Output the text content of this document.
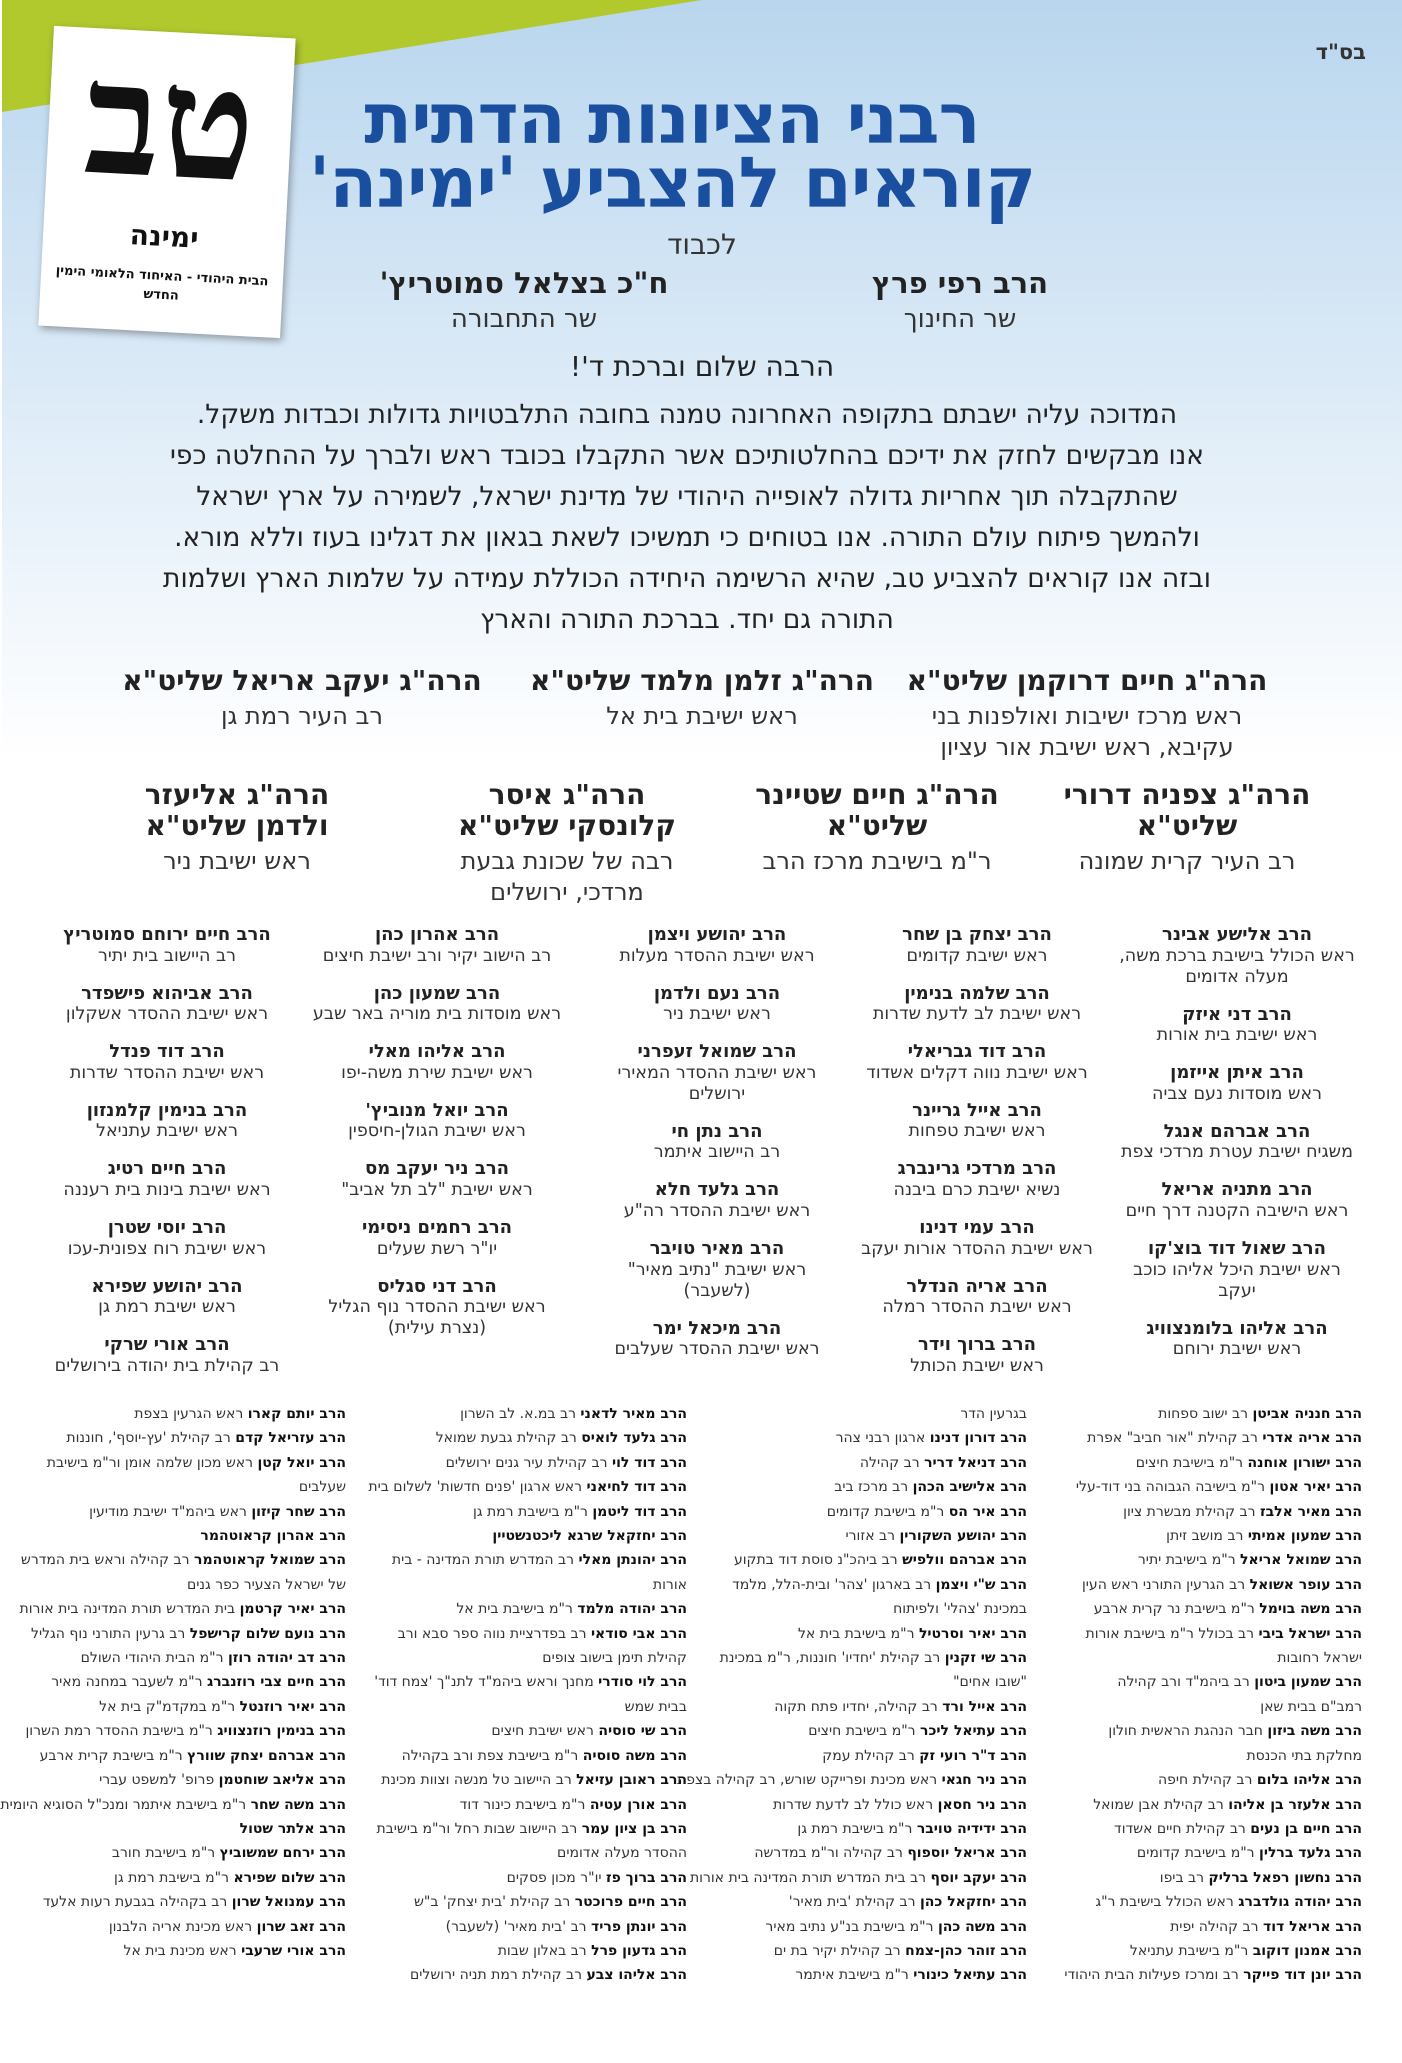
בס"ד
טב
ימינה
הבית היהודי - האיחוד הלאומי הימין החדש
רבני הציונות הדתית
קוראים להצביע 'ימינה'
לכבוד
הרב רפי פרץ
שר החינוך
ח"כ בצלאל סמוטריץ'
שר התחבורה
הרבה שלום וברכת ד'!

המדוכה עליה ישבתם בתקופה האחרונה טמנה בחובה התלבטויות גדולות וכבדות משקל.

אנו מבקשים לחזק את ידיכם בהחלטותיכם אשר התקבלו בכובד ראש ולברך על ההחלטה כפי

שהתקבלה תוך אחריות גדולה לאופייה היהודי של מדינת ישראל, לשמירה על ארץ ישראל

ולהמשך פיתוח עולם התורה. אנו בטוחים כי תמשיכו לשאת בגאון את דגלינו בעוז וללא מורא.

ובזה אנו קוראים להצביע טב, שהיא הרשימה היחידה הכוללת עמידה על שלמות הארץ ושלמות

התורה גם יחד. בברכת התורה והארץ

הרה"ג חיים דרוקמן שליט"א
ראש מרכז ישיבות ואולפנות בני עקיבא, ראש ישיבת אור עציון
הרה"ג זלמן מלמד שליט"א
ראש ישיבת בית אל
הרה"ג יעקב אריאל שליט"א
רב העיר רמת גן
הרה"ג צפניה דרורי שליט"א
רב העיר קרית שמונה
הרה"ג חיים שטיינר שליט"א
ר"מ בישיבת מרכז הרב
הרה"ג איסר קלונסקי שליט"א
רבה של שכונת גבעת מרדכי, ירושלים
הרה"ג אליעזר ולדמן שליט"א
ראש ישיבת ניר
הרב אלישע אבינר
ראש הכולל בישיבת ברכת משה, מעלה אדומים
הרב דני איזק
ראש ישיבת בית אורות
הרב איתן אייזמן
ראש מוסדות נעם צביה
הרב אברהם אנגל
משגיח ישיבת עטרת מרדכי צפת
הרב מתניה אריאל
ראש הישיבה הקטנה דרך חיים
הרב שאול דוד בוצ'קו
ראש ישיבת היכל אליהו כוכב יעקב
הרב אליהו בלומנצוויג
ראש ישיבת ירוחם
הרב יצחק בן שחר
ראש ישיבת קדומים
הרב שלמה בנימין
ראש ישיבת לב לדעת שדרות
הרב דוד גבריאלי
ראש ישיבת נווה דקלים אשדוד
הרב אייל גריינר
ראש ישיבת טפחות
הרב מרדכי גרינברג
נשיא ישיבת כרם ביבנה
הרב עמי דנינו
ראש ישיבת ההסדר אורות יעקב
הרב אריה הנדלר
ראש ישיבת ההסדר רמלה
הרב ברוך וידר
ראש ישיבת הכותל
הרב יהושע ויצמן
ראש ישיבת ההסדר מעלות
הרב נעם ולדמן
ראש ישיבת ניר
הרב שמואל זעפרני
ראש ישיבת ההסדר המאירי ירושלים
הרב נתן חי
רב היישוב איתמר
הרב גלעד חלא
ראש ישיבת ההסדר רה"ע
הרב מאיר טויבר
ראש ישיבת "נתיב מאיר" (לשעבר)
הרב מיכאל ימר
ראש ישיבת ההסדר שעלבים
הרב אהרון כהן
רב הישוב יקיר ורב ישיבת חיצים
הרב שמעון כהן
ראש מוסדות בית מוריה באר שבע
הרב אליהו מאלי
ראש ישיבת שירת משה-יפו
הרב יואל מנוביץ'
ראש ישיבת הגולן-חיספין
הרב ניר יעקב מס
ראש ישיבת "לב תל אביב"
הרב רחמים ניסימי
יו"ר רשת שעלים
הרב דני סגליס
ראש ישיבת ההסדר נוף הגליל (נצרת עילית)
הרב חיים ירוחם סמוטריץ
רב היישוב בית יתיר
הרב אביהוא פישפדר
ראש ישיבת ההסדר אשקלון
הרב דוד פנדל
ראש ישיבת ההסדר שדרות
הרב בנימין קלמנזון
ראש ישיבת עתניאל
הרב חיים רטיג
ראש ישיבת בינות בית רעננה
הרב יוסי שטרן
ראש ישיבת רוח צפונית-עכו
הרב יהושע שפירא
ראש ישיבת רמת גן
הרב אורי שרקי
רב קהילת בית יהודה בירושלים
הרב חנניה אביטן רב ישוב ספחות
הרב אריה אדרי רב קהילת "אור חביב" אפרת
הרב ישורון אוחנה ר"מ בישיבת חיצים
הרב יאיר אטון ר"מ בישיבה הגבוהה בני דוד-עלי
הרב מאיר אלבז רב קהילת מבשרת ציון
הרב שמעון אמיתי רב מושב זיתן
הרב שמואל אריאל ר"מ בישיבת יתיר
הרב עופר אשואל רב הגרעין התורני ראש העין
הרב משה בוימל ר"מ בישיבת נר קרית ארבע
הרב ישראל ביבי רב בכולל ר"מ בישיבת אורות
ישראל רחובות
הרב שמעון ביטון רב ביהמ"ד ורב קהילה
רמב"ם בבית שאן
הרב משה ביזון חבר הנהגת הראשית חולון
מחלקת בתי הכנסת
הרב אליהו בלום רב קהילת חיפה
הרב אלעזר בן אליהו רב קהילת אבן שמואל
הרב חיים בן נעים רב קהילת חיים אשדוד
הרב גלעד ברלין ר"מ בישיבת קדומים
הרב נחשון רפאל ברליק רב ביפו
הרב יהודה גולדברג ראש הכולל בישיבת ר"ג
הרב אריאל דוד רב קהילה יפית
הרב אמנון דוקוב ר"מ בישיבת עתניאל
הרב יונן דוד פייקר רב ומרכז פעילות הבית היהודי
בגרעין הדר
הרב דורון דנינו ארגון רבני צהר
הרב דניאל דריר רב קהילה
הרב אלישיב הכהן רב מרכז ביב
הרב איר הס ר"מ בישיבת קדומים
הרב יהושע השקורין רב אזורי
הרב אברהם וולפיש רב ביהכ"נ סוסת דוד בתקוע
הרב ש"י ויצמן רב בארגון 'צהר' ובית-הלל, מלמד
במכינת 'צהלי' ולפיתוח
הרב יאיר וסרטיל ר"מ בישיבת בית אל
הרב שי זקנין רב קהילת 'יחדיו' חוננות, ר"מ במכינת
"שובו אחים"
הרב אייל ורד רב קהילה, יחדיו פתח תקוה
הרב עתיאל ליכר ר"מ בישיבת חיצים
הרב ד"ר רועי זק רב קהילת עמק
הרב ניר חגאי ראש מכינת ופרייקט שורש, רב קהילה בצפת
הרב ניר חסאן ראש כולל לב לדעת שדרות
הרב ידידיה טויבר ר"מ בישיבת רמת גן
הרב אריאל יוספוף רב קהילה ור"מ במדרשה
הרב יעקב יוסף רב בית המדרש תורת המדינה בית אורות
הרב יחזקאל כהן רב קהילת 'בית מאיר'
הרב משה כהן ר"מ בישיבת בנ"ע נתיב מאיר
הרב זוהר כהן-צמח רב קהילת יקיר בת ים
הרב עתיאל כינורי ר"מ בישיבת איתמר
הרב מאיר לדאני רב במ.א. לב השרון
הרב גלעד לואיס רב קהילת גבעת שמואל
הרב דוד לוי רב קהילת עיר גנים ירושלים
הרב דוד לחיאני ראש ארגון 'פנים חדשות' לשלום בית
הרב דוד ליטמן ר"מ בישיבת רמת גן
הרב יחזקאל שרגא ליכטנשטיין
הרב יהונתן מאלי רב המדרש תורת המדינה - בית
אורות
הרב יהודה מלמד ר"מ בישיבת בית אל
הרב אבי סודאי רב בפדרציית נווה ספר סבא ורב
קהילת תימן בישוב צופים
הרב לוי סודרי מחנך וראש ביהמ"ד לתנ"ך 'צמח דוד'
בבית שמש
הרב שי סוסיה ראש ישיבת חיצים
הרב משה סוסיה ר"מ בישיבת צפת ורב בקהילה
הרב ראובן עזיאל רב היישוב טל מנשה וצוות מכינת
הרב אורן עטיה ר"מ בישיבת כינור דוד
הרב בן ציון עמר רב היישוב שבות רחל ור"מ בישיבת
ההסדר מעלה אדומים
הרב ברוך פז יו"ר מכון פסקים
הרב חיים פרוכטר רב קהילת 'בית יצחק' ב"ש
הרב יונתן פריד רב 'בית מאיר' (לשעבר)
הרב גדעון פרל רב באלון שבות
הרב אליהו צבע רב קהילת רמת תניה ירושלים
הרב יותם קארו ראש הגרעין בצפת
הרב עזריאל קדם רב קהילת 'עץ-יוסף', חוננות
הרב יואל קטן ראש מכון שלמה אומן ור"מ בישיבת
שעלבים
הרב שחר קיזון ראש ביהמ"ד ישיבת מודיעין
הרב אהרון קראוטהמר
הרב שמואל קראוטהמר רב קהילה וראש בית המדרש
של ישראל הצעיר כפר גנים
הרב יאיר קרטמן בית המדרש תורת המדינה בית אורות
הרב נועם שלום קרישפל רב גרעין התורני נוף הגליל
הרב דב יהודה רוזן ר"מ הבית היהודי השולם
הרב חיים צבי רוזנברג ר"מ לשעבר במחנה מאיר
הרב יאיר רוזנטל ר"מ במקדמ"ק בית אל
הרב בנימין רוזנצוויג ר"מ בישיבת ההסדר רמת השרון
הרב אברהם יצחק שוורץ ר"מ בישיבת קרית ארבע
הרב אליאב שוחטמן פרופ' למשפט עברי
הרב משה שחר ר"מ בישיבת איתמר ומנכ"ל הסוגיא היומית
הרב אלתר שטול
הרב ירחם שמשוביץ ר"מ בישיבת חורב
הרב שלום שפירא ר"מ בישיבת רמת גן
הרב עמנואל שרון רב בקהילה בגבעת רעות אלעד
הרב זאב שרון ראש מכינת אריה הלבנון
הרב אורי שרעבי ראש מכינת בית אל
